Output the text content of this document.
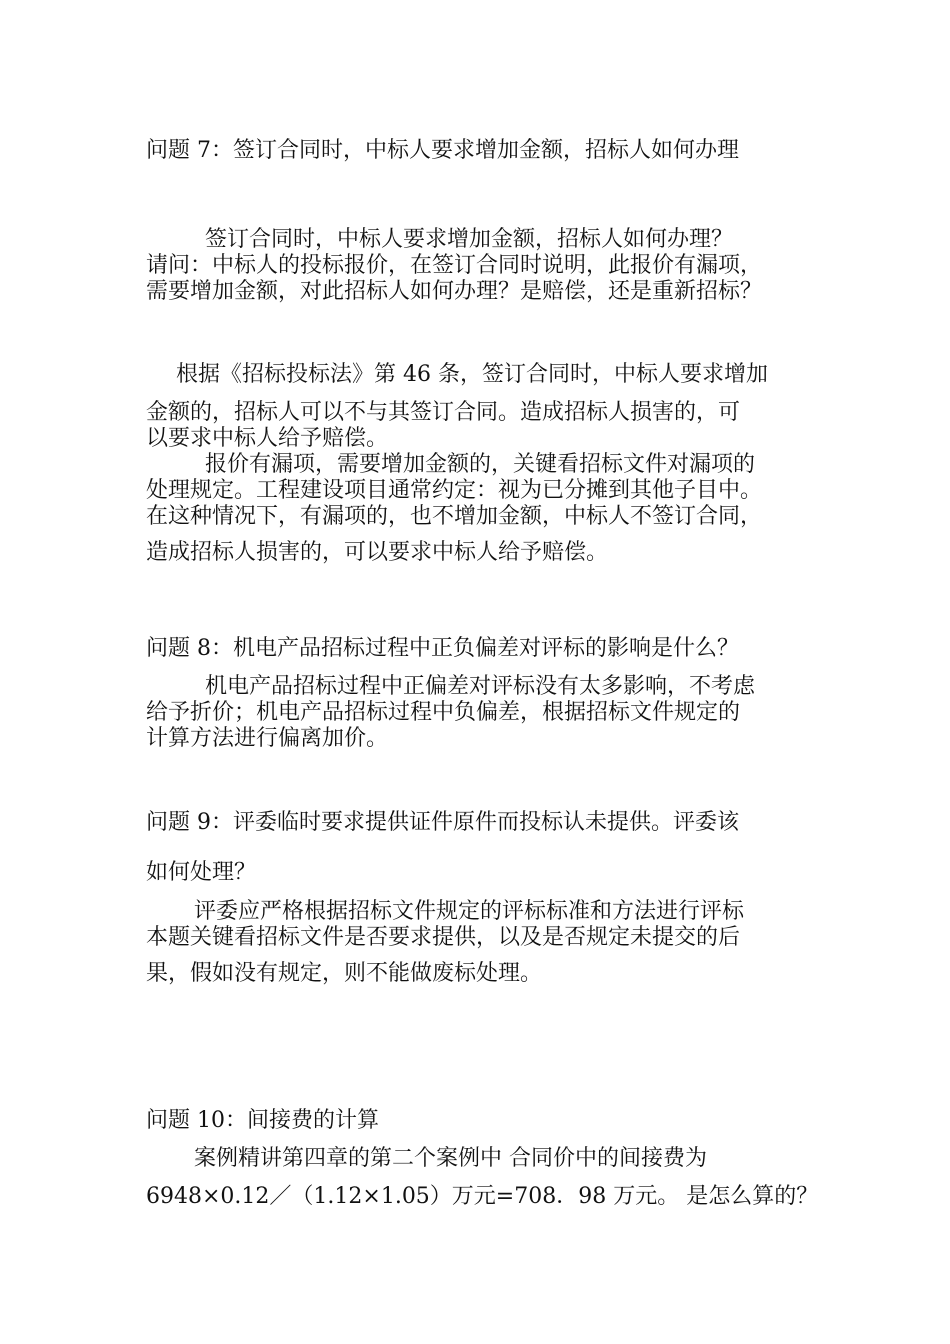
问题 7：签订合同时，中标人要求增加金额，招标人如何办理
签订合同时，中标人要求增加金额，招标人如何办理？
请问：中标人的投标报价，在签订合同时说明，此报价有漏项，
需要增加金额，对此招标人如何办理？是赔偿，还是重新招标？
根据《招标投标法》第 46 条，签订合同时，中标人要求增加
金额的，招标人可以不与其签订合同。造成招标人损害的，可
以要求中标人给予赔偿。
报价有漏项，需要增加金额的，关键看招标文件对漏项的
处理规定。工程建设项目通常约定：视为已分摊到其他子目中。
在这种情况下，有漏项的，也不增加金额，中标人不签订合同，
造成招标人损害的，可以要求中标人给予赔偿。
问题 8：机电产品招标过程中正负偏差对评标的影响是什么？
机电产品招标过程中正偏差对评标没有太多影响，不考虑
给予折价；机电产品招标过程中负偏差，根据招标文件规定的
计算方法进行偏离加价。
问题 9：评委临时要求提供证件原件而投标认未提供。评委该
如何处理？
评委应严格根据招标文件规定的评标标准和方法进行评标
本题关键看招标文件是否要求提供，以及是否规定未提交的后
果，假如没有规定，则不能做废标处理。
问题 10：间接费的计算
案例精讲第四章的第二个案例中 合同价中的间接费为
6948×0.12／（1.12×1.05）万元=708．98 万元。 是怎么算的？
